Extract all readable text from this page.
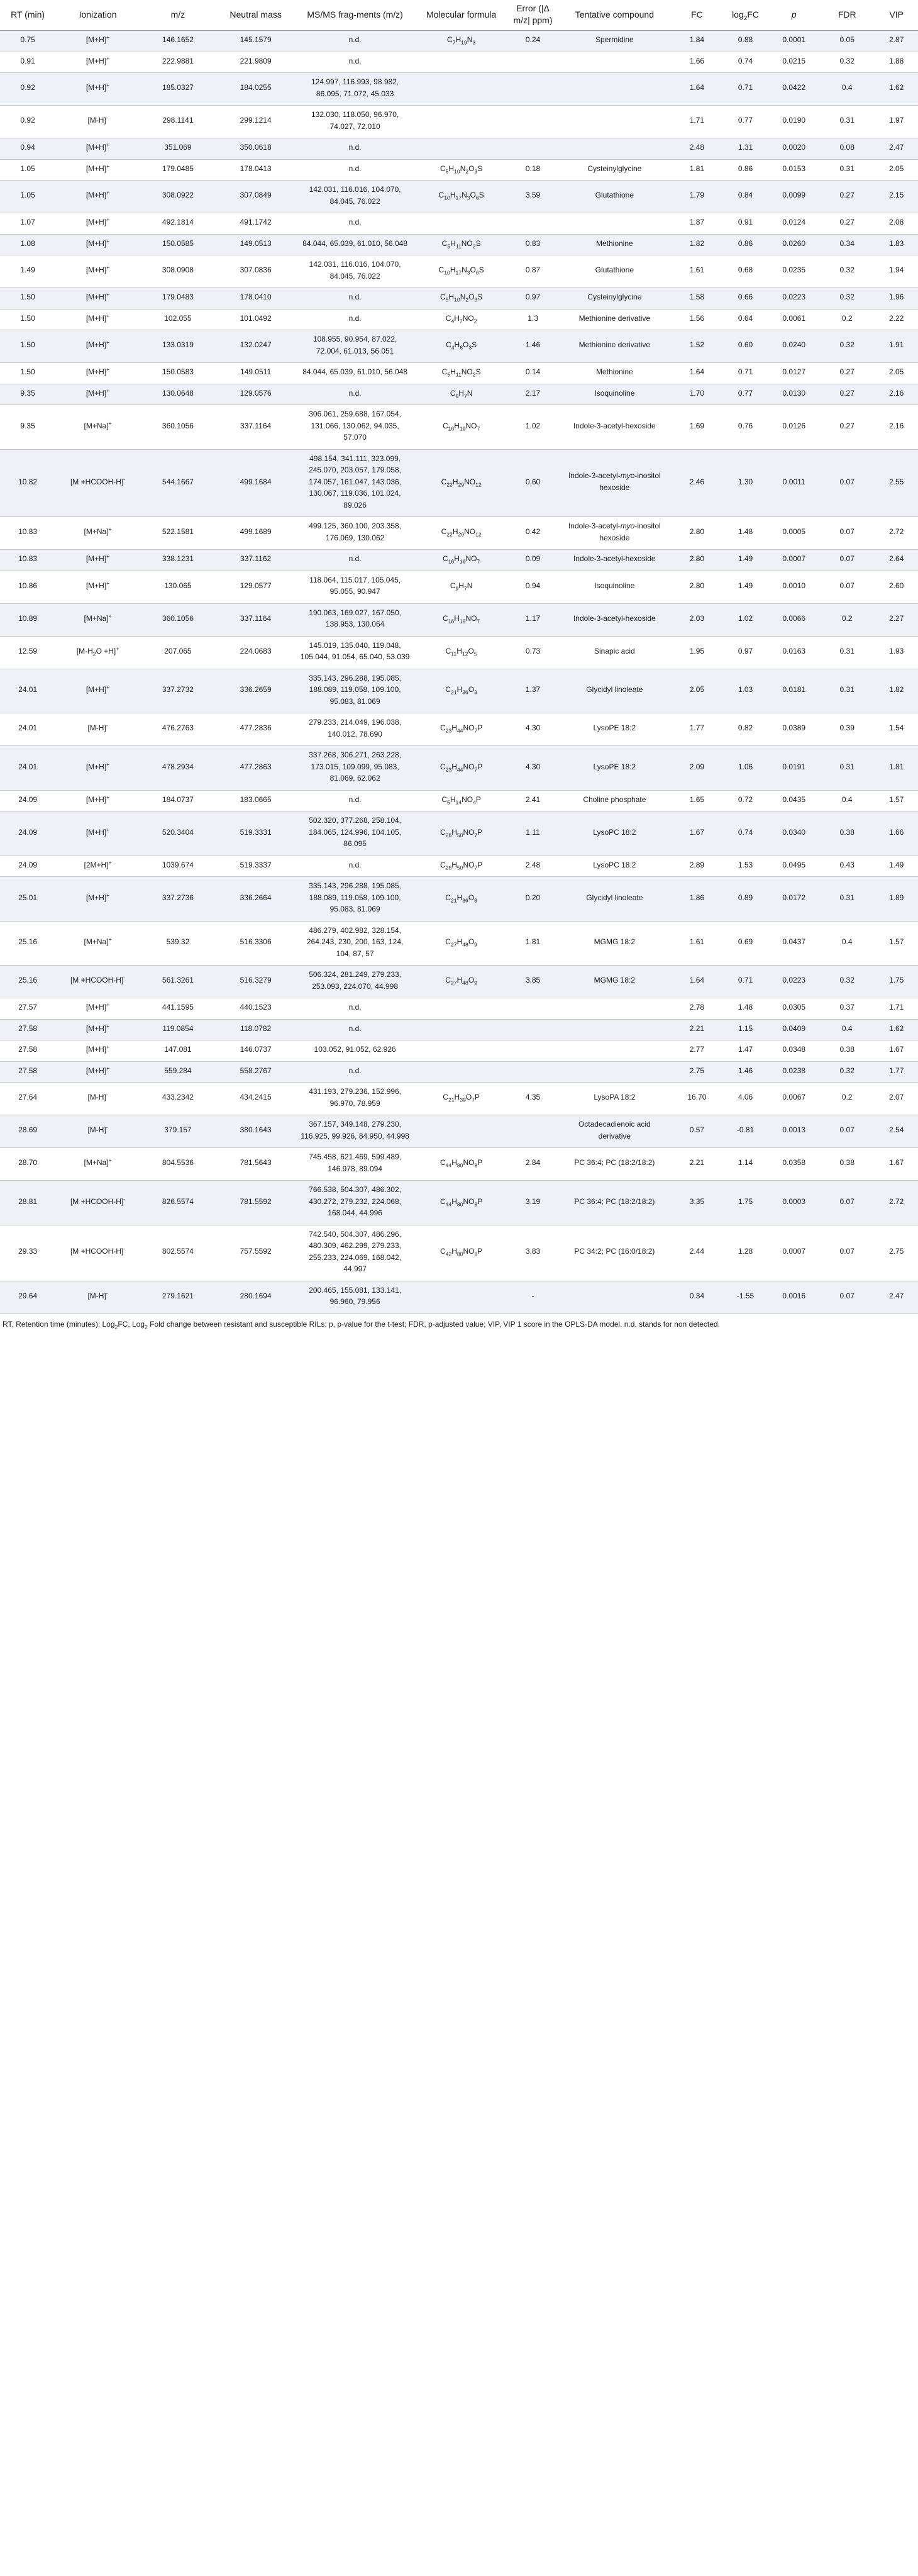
RT (min)	Ionization	m/z	Neutral mass	MS/MS frag-ments (m/z)	Molecular formula	Error (|Δ m/z| ppm)	Tentative compound	FC	$\log_2FC$	p	FDR	VIP
0.75	[M+H]+	146.1652	145.1579	n.d.	$C_7H_{19}N_3$	0.24	Spermidine	1.84	0.88	0.0001	0.05	2.87
0.91	[M+H]+	222.9881	221.9809	n.d.				1.66	0.74	0.0215	0.32	1.88
0.92	[M+H]+	185.0327	184.0255	124.997, 116.993, 98.982, 86.095, 71.072, 45.033				1.64	0.71	0.0422	0.4	1.62
0.92	[M-H]-	298.1141	299.1214	132.030, 118.050, 96.970, 74.027, 72.010				1.71	0.77	0.0190	0.31	1.97
0.94	[M+H]+	351.069	350.0618	n.d.				2.48	1.31	0.0020	0.08	2.47
1.05	[M+H]+	179.0485	178.0413	n.d.	$C_5H_{10}N_2O_3S$	0.18	Cysteinylglycine	1.81	0.86	0.0153	0.31	2.05
1.05	[M+H]+	308.0922	307.0849	142.031, 116.016, 104.070, 84.045, 76.022	$C_{10}H_{17}N_3O_6S$	3.59	Glutathione	1.79	0.84	0.0099	0.27	2.15
1.07	[M+H]+	492.1814	491.1742	n.d.				1.87	0.91	0.0124	0.27	2.08
1.08	[M+H]+	150.0585	149.0513	84.044, 65.039, 61.010, 56.048	$C_5H_{11}NO_2S$	0.83	Methionine	1.82	0.86	0.0260	0.34	1.83
1.49	[M+H]+	308.0908	307.0836	142.031, 116.016, 104.070, 84.045, 76.022	$C_{10}H_{17}N_3O_6S$	0.87	Glutathione	1.61	0.68	0.0235	0.32	1.94
1.50	[M+H]+	179.0483	178.0410	n.d.	$C_5H_{10}N_2O_3S$	0.97	Cysteinylglycine	1.58	0.66	0.0223	0.32	1.96
1.50	[M+H]+	102.055	101.0492	n.d.	$C_4H_7NO_2$	1.3	Methionine derivative	1.56	0.64	0.0061	0.2	2.22
1.50	[M+H]+	133.0319	132.0247	108.955, 90.954, 87.022, 72.004, 61.013, 56.051	$C_4H_8O_3S$	1.46	Methionine derivative	1.52	0.60	0.0240	0.32	1.91
1.50	[M+H]+	150.0583	149.0511	84.044, 65.039, 61.010, 56.048	$C_5H_{11}NO_2S$	0.14	Methionine	1.64	0.71	0.0127	0.27	2.05
9.35	[M+H]+	130.0648	129.0576	n.d.	$C_9H_7N$	2.17	Isoquinoline	1.70	0.77	0.0130	0.27	2.16
9.35	[M+Na]+	360.1056	337.1164	306.061, 259.688, 167.054, 131.066, 130.062, 94.035, 57.070	$C_{16}H_{19}NO_7$	1.02	Indole-3-acetyl-hexoside	1.69	0.76	0.0126	0.27	2.16
10.82	[M +HCOOH-H]-	544.1667	499.1684	498.154, 341.111, 323.099, 245.070, 203.057, 179.058, 174.057, 161.047, 143.036, 130.067, 119.036, 101.024, 89.026	$C_{22}H_{29}NO_{12}$	0.60	Indole-3-acetyl-myo-inositol hexoside	2.46	1.30	0.0011	0.07	2.55
10.83	[M+Na]+	522.1581	499.1689	499.125, 360.100, 203.358, 176.069, 130.062	$C_{22}H_{29}NO_{12}$	0.42	Indole-3-acetyl-myo-inositol hexoside	2.80	1.48	0.0005	0.07	2.72
10.83	[M+H]+	338.1231	337.1162	n.d.	$C_{16}H_{19}NO_7$	0.09	Indole-3-acetyl-hexoside	2.80	1.49	0.0007	0.07	2.64
10.86	[M+H]+	130.065	129.0577	118.064, 115.017, 105.045, 95.055, 90.947	$C_9H_7N$	0.94	Isoquinoline	2.80	1.49	0.0010	0.07	2.60
10.89	[M+Na]+	360.1056	337.1164	190.063, 169.027, 167.050, 138.953, 130.064	$C_{16}H_{19}NO_7$	1.17	Indole-3-acetyl-hexoside	2.03	1.02	0.0066	0.2	2.27
12.59	$[M-H_2O +H]^+$	207.065	224.0683	145.019, 135.040, 119.048, 105.044, 91.054, 65.040, 53.039	$C_{11}H_{12}O_5$	0.73	Sinapic acid	1.95	0.97	0.0163	0.31	1.93
24.01	[M+H]+	337.2732	336.2659	335.143, 296.288, 195.085, 188.089, 119.058, 109.100, 95.083, 81.069	$C_{21}H_{36}O_3$	1.37	Glycidyl linoleate	2.05	1.03	0.0181	0.31	1.82
24.01	[M-H]-	476.2763	477.2836	279.233, 214.049, 196.038, 140.012, 78.690	$C_{23}H_{44}NO_7P$	4.30	LysoPE 18:2	1.77	0.82	0.0389	0.39	1.54
24.01	[M+H]+	478.2934	477.2863	337.268, 306.271, 263.228, 173.015, 109.099, 95.083, 81.069, 62.062	$C_{23}H_{44}NO_7P$	4.30	LysoPE 18:2	2.09	1.06	0.0191	0.31	1.81
24.09	[M+H]+	184.0737	183.0665	n.d.	$C_5H_{14}NO_4P$	2.41	Choline phosphate	1.65	0.72	0.0435	0.4	1.57
24.09	[M+H]+	520.3404	519.3331	502.320, 377.268, 258.104, 184.065, 124.996, 104.105, 86.095	$C_{26}H_{50}NO_7P$	1.11	LysoPC 18:2	1.67	0.74	0.0340	0.38	1.66
24.09	[2M+H]+	1039.674	519.3337	n.d.	$C_{26}H_{50}NO_7P$	2.48	LysoPC 18:2	2.89	1.53	0.0495	0.43	1.49
25.01	[M+H]+	337.2736	336.2664	335.143, 296.288, 195.085, 188.089, 119.058, 109.100, 95.083, 81.069	$C_{21}H_{36}O_3$	0.20	Glycidyl linoleate	1.86	0.89	0.0172	0.31	1.89
25.16	[M+Na]+	539.32	516.3306	486.279, 402.982, 328.154, 264.243, 230, 200, 163, 124, 104, 87, 57	$C_{27}H_{48}O_9$	1.81	MGMG 18:2	1.61	0.69	0.0437	0.4	1.57
25.16	[M +HCOOH-H]-	561.3261	516.3279	506.324, 281.249, 279.233, 253.093, 224.070, 44.998	$C_{27}H_{48}O_9$	3.85	MGMG 18:2	1.64	0.71	0.0223	0.32	1.75
27.57	[M+H]+	441.1595	440.1523	n.d.				2.78	1.48	0.0305	0.37	1.71
27.58	[M+H]+	119.0854	118.0782	n.d.				2.21	1.15	0.0409	0.4	1.62
27.58	[M+H]+	147.081	146.0737	103.052, 91.052, 62.926				2.77	1.47	0.0348	0.38	1.67
27.58	[M+H]+	559.284	558.2767	n.d.				2.75	1.46	0.0238	0.32	1.77
27.64	[M-H]-	433.2342	434.2415	431.193, 279.236, 152.996, 96.970, 78.959	$C_{21}H_{39}O_7P$	4.35	LysoPA 18:2	16.70	4.06	0.0067	0.2	2.07
28.69	[M-H]-	379.157	380.1643	367.157, 349.148, 279.230, 116.925, 99.926, 84.950, 44.998			Octadecadienoic acid derivative	0.57	-0.81	0.0013	0.07	2.54
28.70	[M+Na]+	804.5536	781.5643	745.458, 621.469, 599.489, 146.978, 89.094	$C_{44}H_{80}NO_8P$	2.84	PC 36:4; PC (18:2/18:2)	2.21	1.14	0.0358	0.38	1.67
28.81	[M +HCOOH-H]-	826.5574	781.5592	766.538, 504.307, 486.302, 430.272, 279.232, 224.068, 168.044, 44.996	$C_{44}H_{80}NO_8P$	3.19	PC 36:4; PC (18:2/18:2)	3.35	1.75	0.0003	0.07	2.72
29.33	[M +HCOOH-H]-	802.5574	757.5592	742.540, 504.307, 486.296, 480.309, 462.299, 279.233, 255.233, 224.069, 168.042, 44.997	$C_{42}H_{80}NO_8P$	3.83	PC 34:2; PC (16:0/18:2)	2.44	1.28	0.0007	0.07	2.75
29.64	[M-H]-	279.1621	280.1694	200.465, 155.081, 133.141, 96.960, 79.956		-		0.34	-1.55	0.0016	0.07	2.47
RT, Retention time (minutes); Log$_2$FC, Log$_2$ Fold change between resistant and susceptible RILs; p, p-value for the t-test; FDR, p-adjusted value; VIP, VIP 1 score in the OPLS-DA model. n.d. stands for non detected.
